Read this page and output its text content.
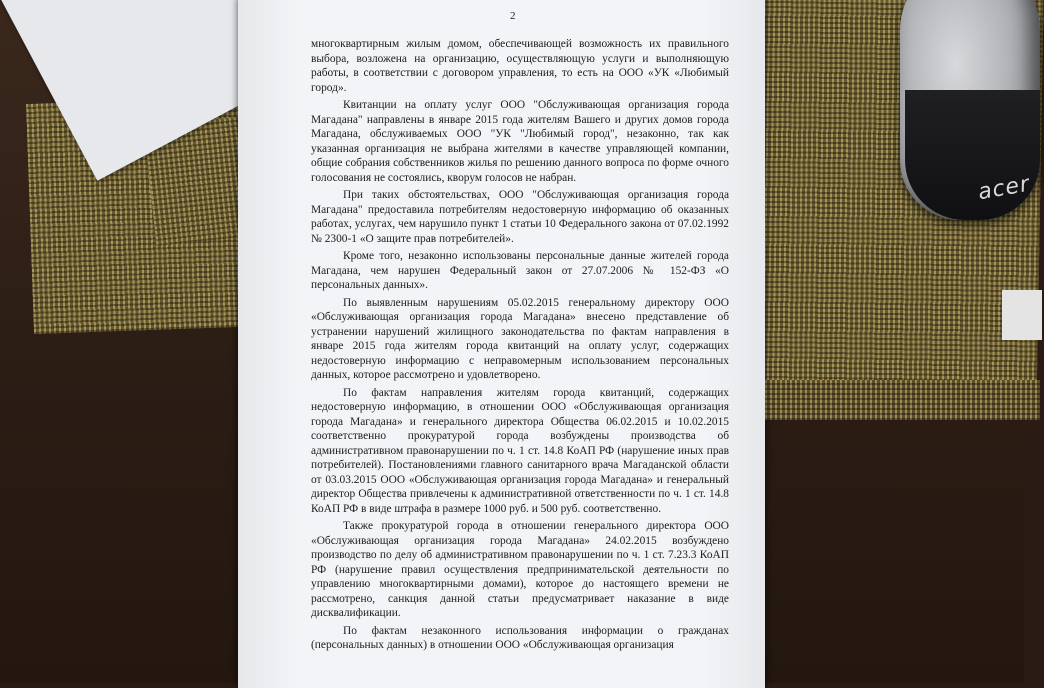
acer
2

многоквартирным жилым домом, обеспечивающей возможность их правильного выбора, возложена на организацию, осуществляющую услуги и выполняющую работы, в соответствии с договором управления, то есть на ООО «УК «Любимый город».

Квитанции на оплату услуг ООО "Обслуживающая организация города Магадана" направлены в январе 2015 года жителям Вашего и других домов города Магадана, обслуживаемых ООО "УК "Любимый город", незаконно, так как указанная организация не выбрана жителями в качестве управляющей компании, общие собрания собственников жилья по решению данного вопроса по форме очного голосования не состоялись, кворум голосов не набран.

При таких обстоятельствах, ООО "Обслуживающая организация города Магадана" предоставила потребителям недостоверную информацию об оказанных работах, услугах, чем нарушило пункт 1 статьи 10 Федерального закона от 07.02.1992 № 2300-1 «О защите прав потребителей».

Кроме того, незаконно использованы персональные данные жителей города Магадана, чем нарушен Федеральный закон от 27.07.2006 № 152-ФЗ «О персональных данных».

По выявленным нарушениям 05.02.2015 генеральному директору ООО «Обслуживающая организация города Магадана» внесено представление об устранении нарушений жилищного законодательства по фактам направления в январе 2015 года жителям города квитанций на оплату услуг, содержащих недостоверную информацию с неправомерным использованием персональных данных, которое рассмотрено и удовлетворено.

По фактам направления жителям города квитанций, содержащих недостоверную информацию, в отношении ООО «Обслуживающая организация города Магадана» и генерального директора Общества 06.02.2015 и 10.02.2015 соответственно прокуратурой города возбуждены производства об административном правонарушении по ч. 1 ст. 14.8 КоАП РФ (нарушение иных прав потребителей). Постановлениями главного санитарного врача Магаданской области от 03.03.2015 ООО «Обслуживающая организация города Магадана» и генеральный директор Общества привлечены к административной ответственности по ч. 1 ст. 14.8 КоАП РФ в виде штрафа в размере 1000 руб. и 500 руб. соответственно.

Также прокуратурой города в отношении генерального директора ООО «Обслуживающая организация города Магадана» 24.02.2015 возбуждено производство по делу об административном правонарушении по ч. 1 ст. 7.23.3 КоАП РФ (нарушение правил осуществления предпринимательской деятельности по управлению многоквартирными домами), которое до настоящего времени не рассмотрено, санкция данной статьи предусматривает наказание в виде дисквалификации.

По фактам незаконного использования информации о гражданах (персональных данных) в отношении ООО «Обслуживающая организация
